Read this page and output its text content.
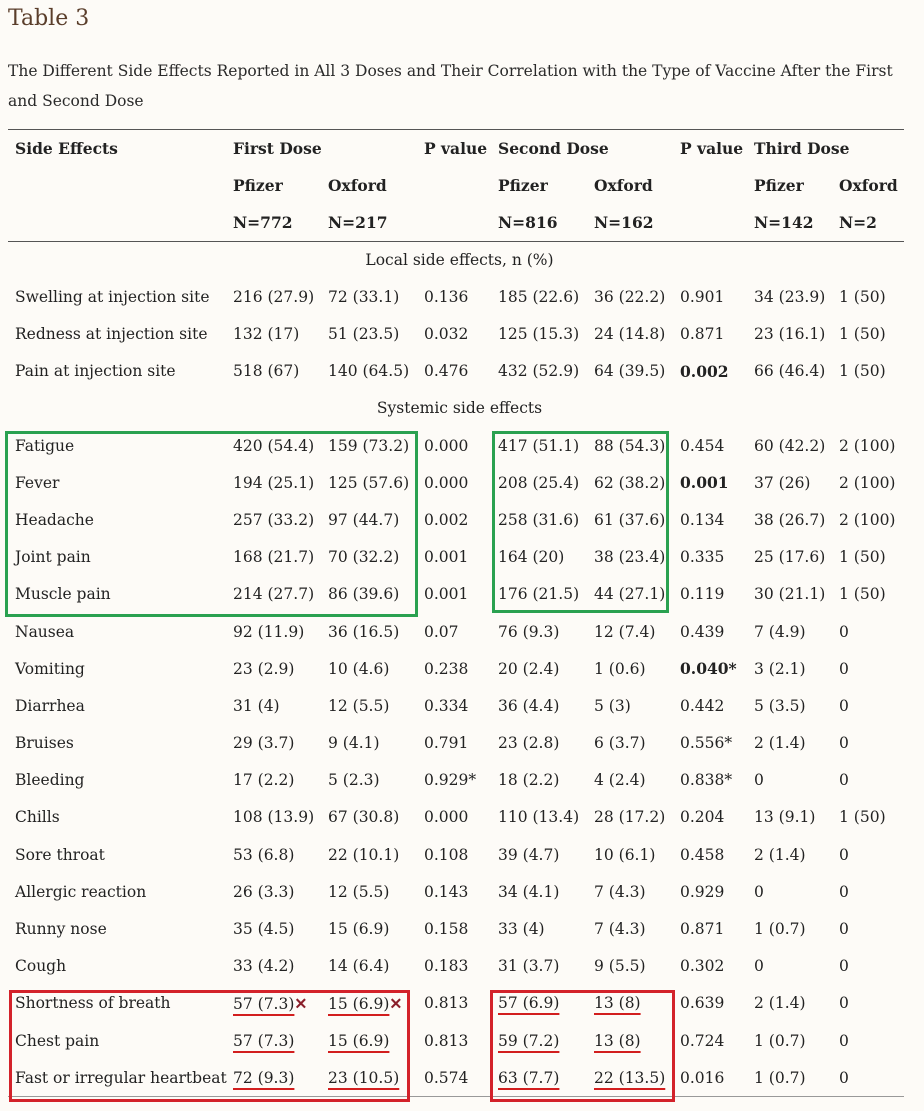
Table 3

The Different Side Effects Reported in All 3 Doses and Their Correlation with the Type of Vaccine After the First and Second Dose

Side Effects	First Dose		P value	Second Dose		P value	Third Dose	
	Pfizer	Oxford		Pfizer	Oxford		Pfizer	Oxford
	N=772	N=217		N=816	N=162		N=142	N=2
Local side effects, n (%)								
Swelling at injection site	216 (27.9)	72 (33.1)	0.136	185 (22.6)	36 (22.2)	0.901	34 (23.9)	1 (50)
Redness at injection site	132 (17)	51 (23.5)	0.032	125 (15.3)	24 (14.8)	0.871	23 (16.1)	1 (50)
Pain at injection site	518 (67)	140 (64.5)	0.476	432 (52.9)	64 (39.5)	0.002	66 (46.4)	1 (50)
Systemic side effects								
Fatigue	420 (54.4)	159 (73.2)	0.000	417 (51.1)	88 (54.3)	0.454	60 (42.2)	2 (100)
Fever	194 (25.1)	125 (57.6)	0.000	208 (25.4)	62 (38.2)	0.001	37 (26)	2 (100)
Headache	257 (33.2)	97 (44.7)	0.002	258 (31.6)	61 (37.6)	0.134	38 (26.7)	2 (100)
Joint pain	168 (21.7)	70 (32.2)	0.001	164 (20)	38 (23.4)	0.335	25 (17.6)	1 (50)
Muscle pain	214 (27.7)	86 (39.6)	0.001	176 (21.5)	44 (27.1)	0.119	30 (21.1)	1 (50)
Nausea	92 (11.9)	36 (16.5)	0.07	76 (9.3)	12 (7.4)	0.439	7 (4.9)	0
Vomiting	23 (2.9)	10 (4.6)	0.238	20 (2.4)	1 (0.6)	0.040*	3 (2.1)	0
Diarrhea	31 (4)	12 (5.5)	0.334	36 (4.4)	5 (3)	0.442	5 (3.5)	0
Bruises	29 (3.7)	9 (4.1)	0.791	23 (2.8)	6 (3.7)	0.556*	2 (1.4)	0
Bleeding	17 (2.2)	5 (2.3)	0.929*	18 (2.2)	4 (2.4)	0.838*	0	0
Chills	108 (13.9)	67 (30.8)	0.000	110 (13.4)	28 (17.2)	0.204	13 (9.1)	1 (50)
Sore throat	53 (6.8)	22 (10.1)	0.108	39 (4.7)	10 (6.1)	0.458	2 (1.4)	0
Allergic reaction	26 (3.3)	12 (5.5)	0.143	34 (4.1)	7 (4.3)	0.929	0	0
Runny nose	35 (4.5)	15 (6.9)	0.158	33 (4)	7 (4.3)	0.871	1 (0.7)	0
Cough	33 (4.2)	14 (6.4)	0.183	31 (3.7)	9 (5.5)	0.302	0	0
Shortness of breath	57 (7.3)✕	15 (6.9)✕	0.813	57 (6.9)	13 (8)	0.639	2 (1.4)	0
Chest pain	57 (7.3)	15 (6.9)	0.813	59 (7.2)	13 (8)	0.724	1 (0.7)	0
Fast or irregular heartbeat	72 (9.3)	23 (10.5)	0.574	63 (7.7)	22 (13.5)	0.016	1 (0.7)	0
